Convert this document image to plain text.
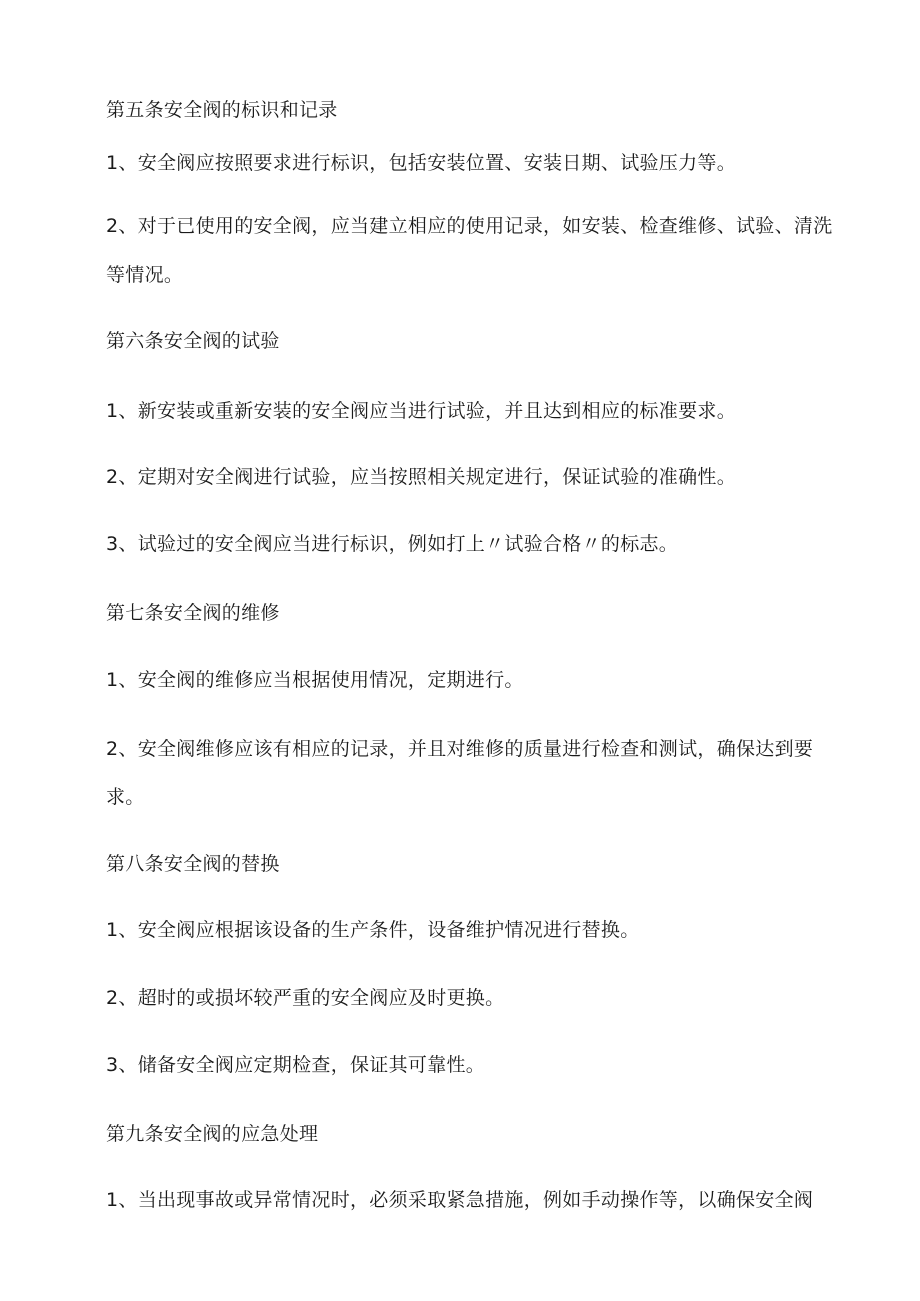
第五条安全阀的标识和记录
1、安全阀应按照要求进行标识，包括安装位置、安装日期、试验压力等。
2、对于已使用的安全阀，应当建立相应的使用记录，如安装、检查维修、试验、清洗
等情况。
第六条安全阀的试验
1、新安装或重新安装的安全阀应当进行试验，并且达到相应的标准要求。
2、定期对安全阀进行试验，应当按照相关规定进行，保证试验的准确性。
3、试验过的安全阀应当进行标识，例如打上〃试验合格〃的标志。
第七条安全阀的维修
1、安全阀的维修应当根据使用情况，定期进行。
2、安全阀维修应该有相应的记录，并且对维修的质量进行检查和测试，确保达到要
求。
第八条安全阀的替换
1、安全阀应根据该设备的生产条件，设备维护情况进行替换。
2、超时的或损坏较严重的安全阀应及时更换。
3、储备安全阀应定期检查，保证其可靠性。
第九条安全阀的应急处理
1、当出现事故或异常情况时，必须采取紧急措施，例如手动操作等，以确保安全阀
